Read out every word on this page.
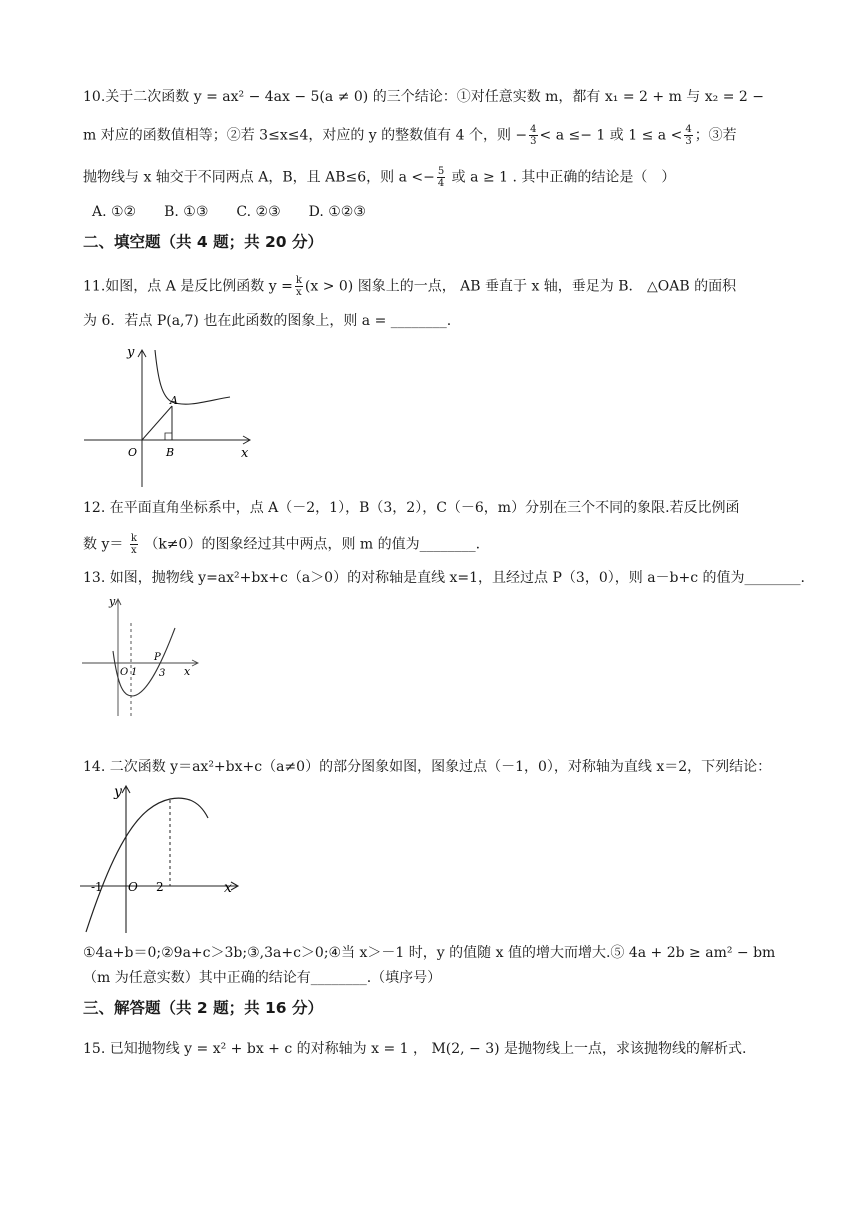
10.关于二次函数 y = ax² − 4ax − 5(a ≠ 0) 的三个结论：①对任意实数 m，都有 x₁ = 2 + m 与 x₂ = 2 −
m 对应的函数值相等；②若 3≤x≤4，对应的 y 的整数值有 4 个，则 − $\frac{4}{3} < a \le- 1$ 或 $1 \le a < \frac{4}{3}$ ；③若
抛物线与 x 轴交于不同两点 A，B，且 AB≤6，则 $a <- \frac{5}{4}$ 或 a ≥ 1 . 其中正确的结论是（　）
A. ①②　　B. ①③　　C. ②③　　D. ①②③
二、填空题（共 4 题；共 20 分）
11.如图，点 A 是反比例函数 $y = \frac{k}{x} (x > 0)$ 图象上的一点， AB 垂直于 x 轴，垂足为 B． △OAB 的面积
为 6．若点 P(a,7) 也在此函数的图象上，则 a = ________.
y
A
O	B	x
12. 在平面直角坐标系中，点 A（－2，1），B（3，2），C（－6，m）分别在三个不同的象限.若反比例函
数 $y= \frac{k}{x} (k\ne 0)$的图象经过其中两点，则 m 的值为________.
13. 如图，抛物线 y=ax²+bx+c（a＞0）的对称轴是直线 x=1，且经过点 P（3，0），则 a－b+c 的值为________.
y
O 1
P
3 x
14. 二次函数 y＝ax²+bx+c（a≠0）的部分图象如图，图象过点（－1，0），对称轴为直线 x＝2，下列结论：
y
-1 O 2	x
①4a+b＝0;②9a+c＞3b;③,3a+c＞0;④当 x＞－1 时，y 的值随 x 值的增大而增大.⑤ 4a + 2b ≥ am² − bm
（m 为任意实数）其中正确的结论有________.（填序号）
三、解答题（共 2 题；共 16 分）
15. 已知抛物线 y = x² + bx + c 的对称轴为 x = 1 ， M(2, − 3) 是抛物线上一点，求该抛物线的解析式.
